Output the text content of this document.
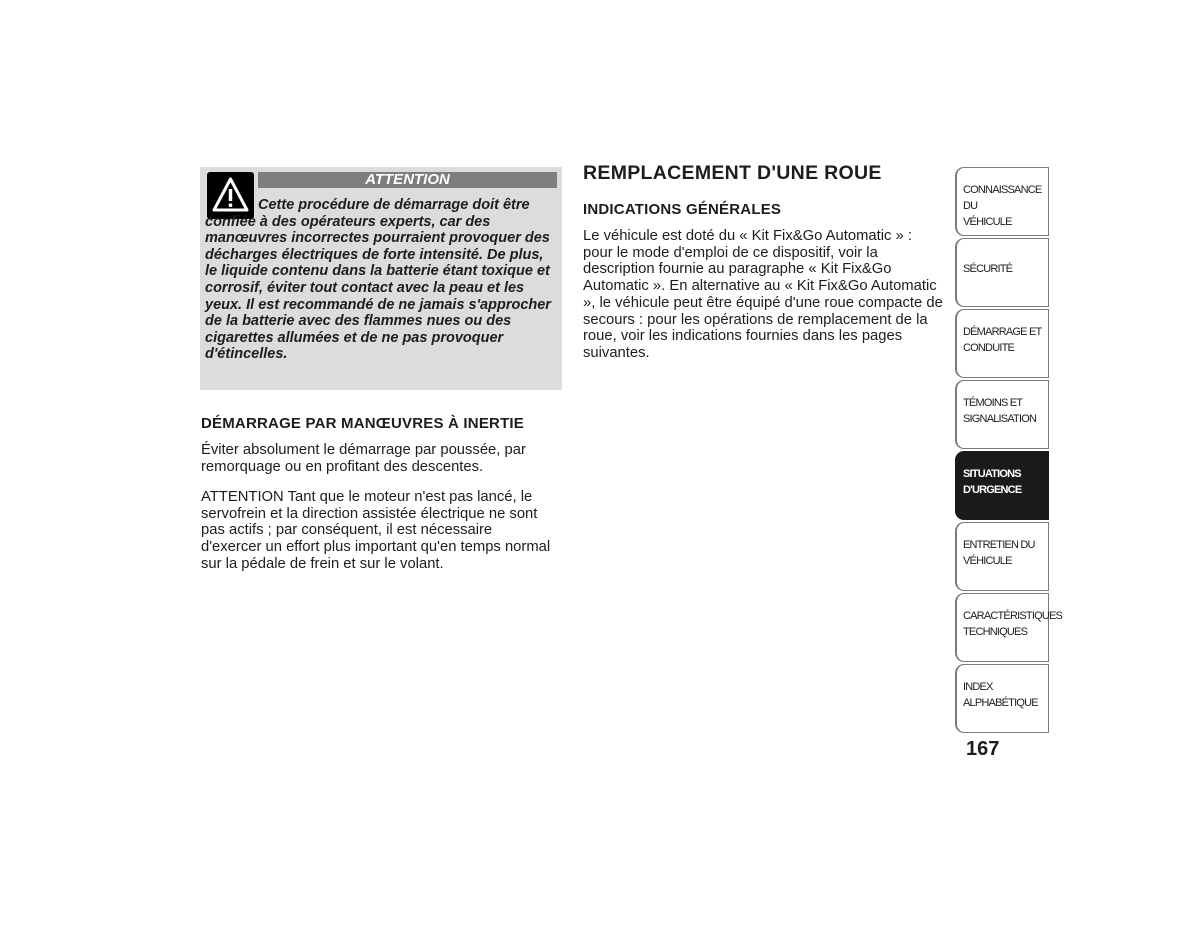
ATTENTION
Cette procédure de démarrage doit être confiée à des opérateurs experts, car des manœuvres incorrectes pourraient provoquer des décharges électriques de forte intensité. De plus, le liquide contenu dans la batterie étant toxique et corrosif, éviter tout contact avec la peau et les yeux. Il est recommandé de ne jamais s'approcher de la batterie avec des flammes nues ou des cigarettes allumées et de ne pas provoquer d'étincelles.
DÉMARRAGE PAR MANŒUVRES À INERTIE

Éviter absolument le démarrage par poussée, par remorquage ou en profitant des descentes.

ATTENTION Tant que le moteur n'est pas lancé, le servofrein et la direction assistée électrique ne sont pas actifs ; par conséquent, il est nécessaire d'exercer un effort plus important qu'en temps normal sur la pédale de frein et sur le volant.

REMPLACEMENT D'UNE ROUE
INDICATIONS GÉNÉRALES

Le véhicule est doté du « Kit Fix&Go Automatic » : pour le mode d'emploi de ce dispositif, voir la description fournie au paragraphe « Kit Fix&Go Automatic ». En alternative au « Kit Fix&Go Automatic », le véhicule peut être équipé d'une roue compacte de secours : pour les opérations de remplacement de la roue, voir les indications fournies dans les pages suivantes.

CONNAISSANCE DU
VÉHICULE
SÉCURITÉ
DÉMARRAGE ET
CONDUITE
TÉMOINS ET
SIGNALISATION
SITUATIONS
D'URGENCE
ENTRETIEN DU
VÉHICULE
CARACTÉRISTIQUES
TECHNIQUES
INDEX
ALPHABÉTIQUE
167
